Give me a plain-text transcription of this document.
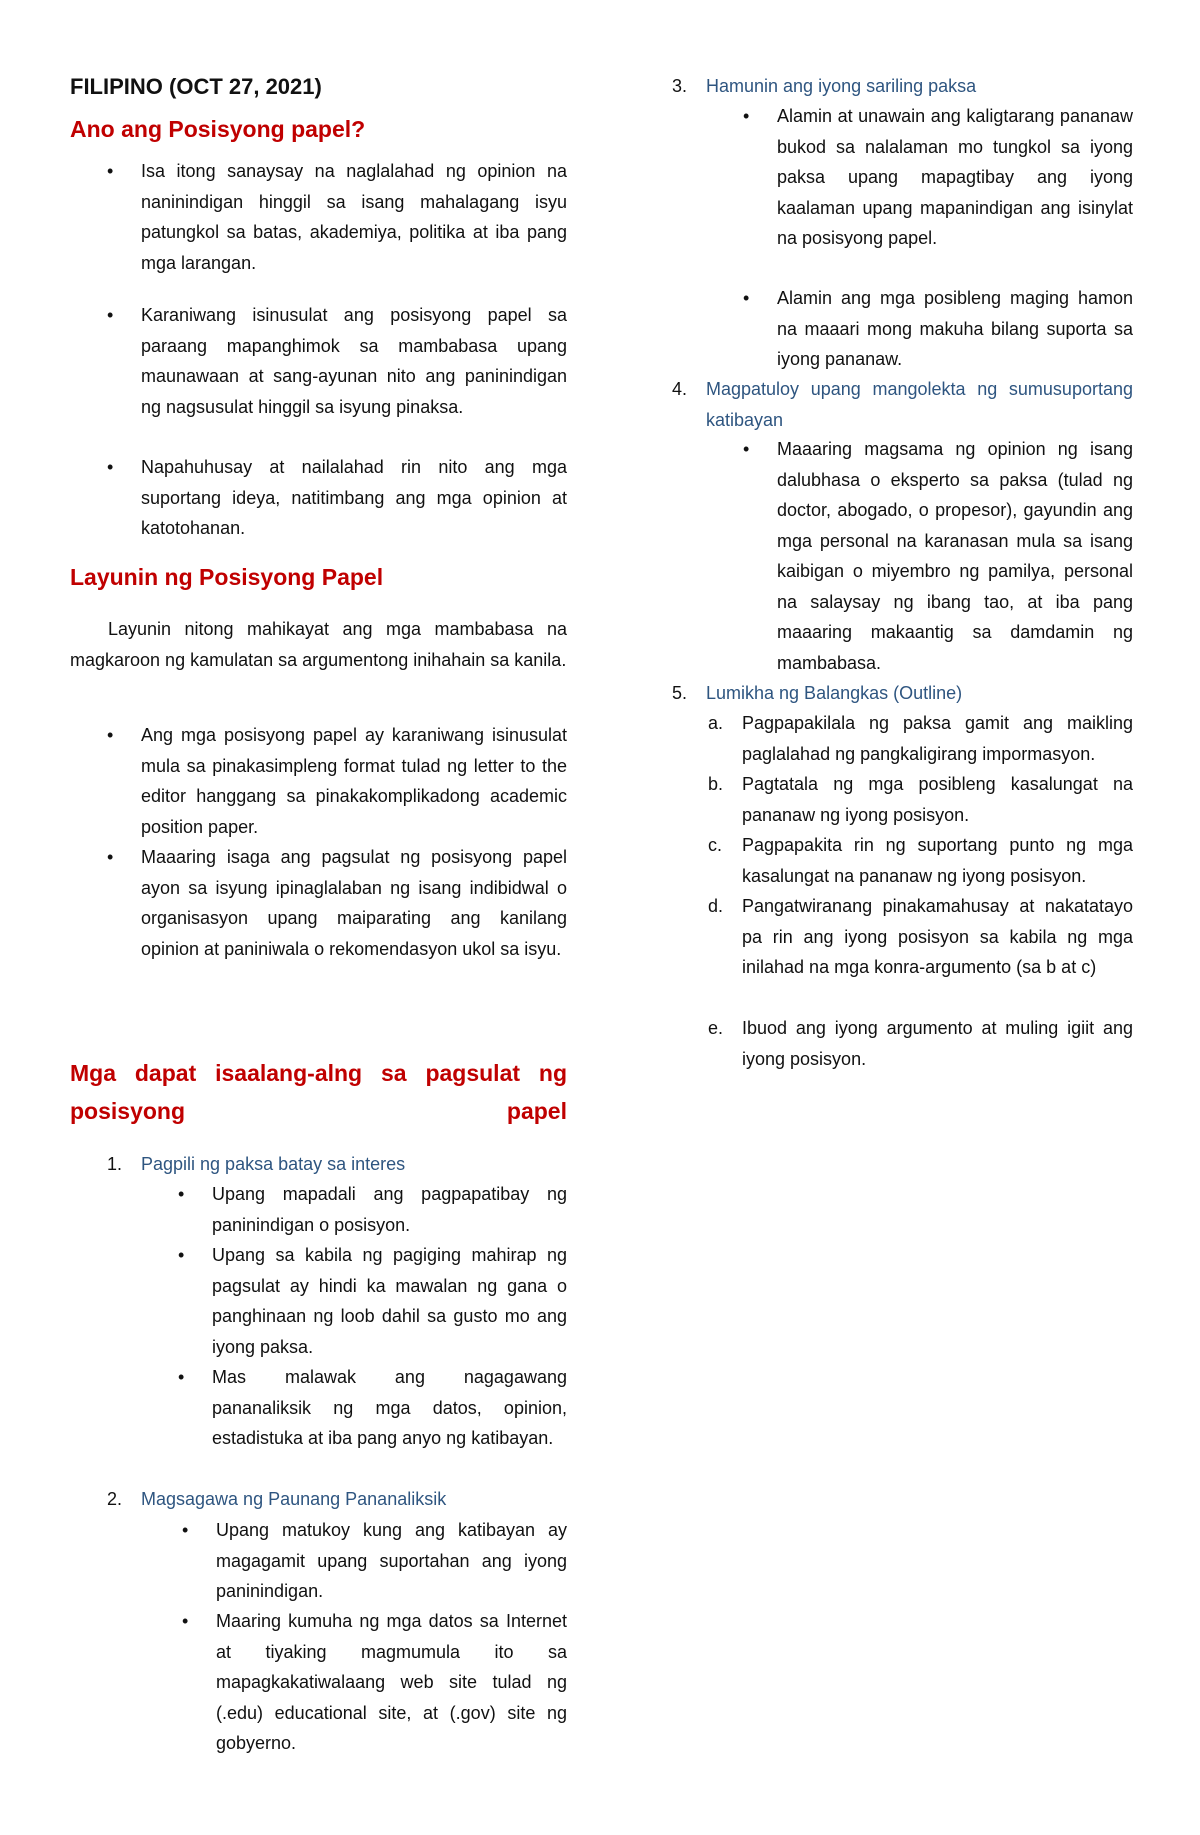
FILIPINO (OCT 27, 2021)
Ano ang Posisyong papel?
• Isa itong sanaysay na naglalahad ng opinion na naninindigan hinggil sa isang mahalagang isyu patungkol sa batas, akademiya, politika at iba pang mga larangan.
• Karaniwang isinusulat ang posisyong papel sa paraang mapanghimok sa mambabasa upang maunawaan at sang-ayunan nito ang paninindigan ng nagsusulat hinggil sa isyung pinaksa.
• Napahuhusay at nailalahad rin nito ang mga suportang ideya, natitimbang ang mga opinion at katotohanan.
Layunin ng Posisyong Papel
Layunin nitong mahikayat ang mga mambabasa na magkaroon ng kamulatan sa argumentong inihahain sa kanila.
• Ang mga posisyong papel ay karaniwang isinusulat mula sa pinakasimpleng format tulad ng letter to the editor hanggang sa pinakakomplikadong academic position paper.
• Maaaring isaga ang pagsulat ng posisyong papel ayon sa isyung ipinaglalaban ng isang indibidwal o organisasyon upang maiparating ang kanilang opinion at paniniwala o rekomendasyon ukol sa isyu.
Mga dapat isaalang-alng sa pagsulat ng posisyong papel
1. Pagpili ng paksa batay sa interes
• Upang mapadali ang pagpapatibay ng paninindigan o posisyon.
• Upang sa kabila ng pagiging mahirap ng pagsulat ay hindi ka mawalan ng gana o panghinaan ng loob dahil sa gusto mo ang iyong paksa.
• Mas malawak ang nagagawang pananaliksik ng mga datos, opinion, estadistuka at iba pang anyo ng katibayan.
2. Magsagawa ng Paunang Pananaliksik
• Upang matukoy kung ang katibayan ay magagamit upang suportahan ang iyong paninindigan.
• Maaring kumuha ng mga datos sa Internet at tiyaking magmumula ito sa mapagkakatiwalaang web site tulad ng (.edu) educational site, at (.gov) site ng gobyerno.
3. Hamunin ang iyong sariling paksa
• Alamin at unawain ang kaligtarang pananaw bukod sa nalalaman mo tungkol sa iyong paksa upang mapagtibay ang iyong kaalaman upang mapanindigan ang isinylat na posisyong papel.
• Alamin ang mga posibleng maging hamon na maaari mong makuha bilang suporta sa iyong pananaw.
4. Magpatuloy upang mangolekta ng sumusuportang katibayan
• Maaaring magsama ng opinion ng isang dalubhasa o eksperto sa paksa (tulad ng doctor, abogado, o propesor), gayundin ang mga personal na karanasan mula sa isang kaibigan o miyembro ng pamilya, personal na salaysay ng ibang tao, at iba pang maaaring makaantig sa damdamin ng mambabasa.
5. Lumikha ng Balangkas (Outline)
a. Pagpapakilala ng paksa gamit ang maikling paglalahad ng pangkaligirang impormasyon.
b. Pagtatala ng mga posibleng kasalungat na pananaw ng iyong posisyon.
c. Pagpapakita rin ng suportang punto ng mga kasalungat na pananaw ng iyong posisyon.
d. Pangatwiranang pinakamahusay at nakatatayo pa rin ang iyong posisyon sa kabila ng mga inilahad na mga konra-argumento (sa b at c)
e. Ibuod ang iyong argumento at muling igiit ang iyong posisyon.
